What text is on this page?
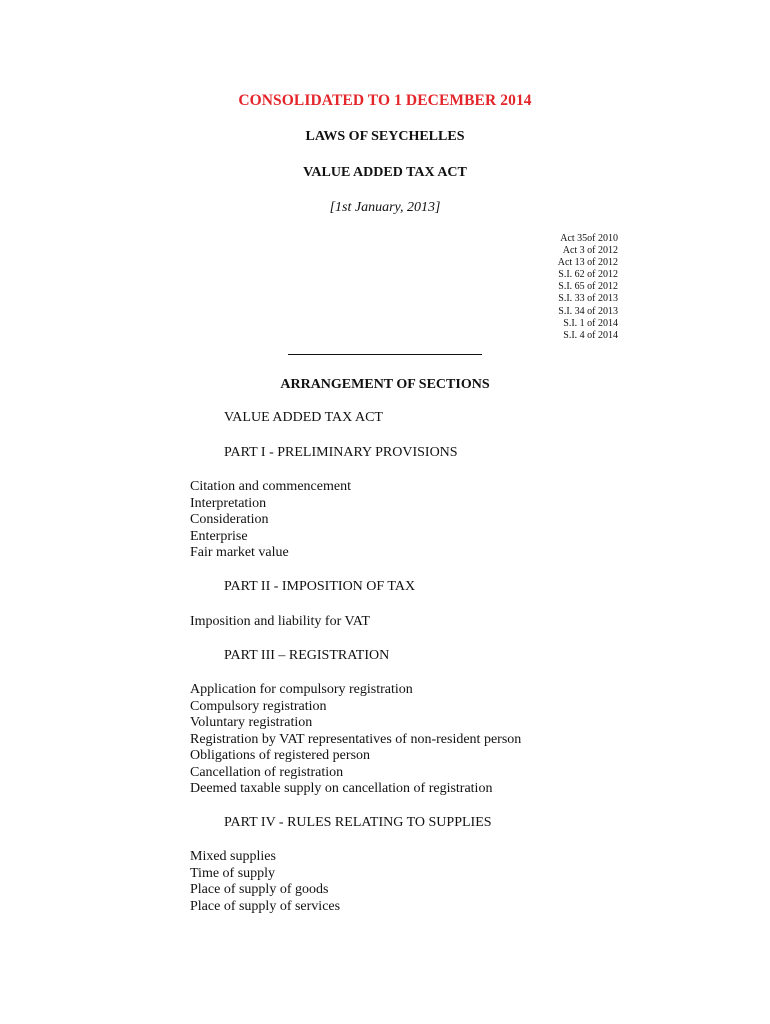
CONSOLIDATED TO 1 DECEMBER 2014
LAWS OF SEYCHELLES
VALUE ADDED TAX ACT
[1st January, 2013]
Act 35of 2010
Act 3 of 2012
Act 13 of 2012
S.I. 62 of 2012
S.I. 65 of 2012
S.I. 33 of 2013
S.I. 34 of 2013
S.I. 1 of 2014
S.I. 4 of 2014
ARRANGEMENT OF SECTIONS
VALUE ADDED TAX ACT
PART I - PRELIMINARY PROVISIONS
Citation and commencement
Interpretation
Consideration
Enterprise
Fair market value
PART II - IMPOSITION OF TAX
Imposition and liability for VAT
PART III – REGISTRATION
Application for compulsory registration
Compulsory registration
Voluntary registration
Registration by VAT representatives of non-resident person
Obligations of registered person
Cancellation of registration
Deemed taxable supply on cancellation of registration
PART IV - RULES RELATING TO SUPPLIES
Mixed supplies
Time of supply
Place of supply of goods
Place of supply of services
